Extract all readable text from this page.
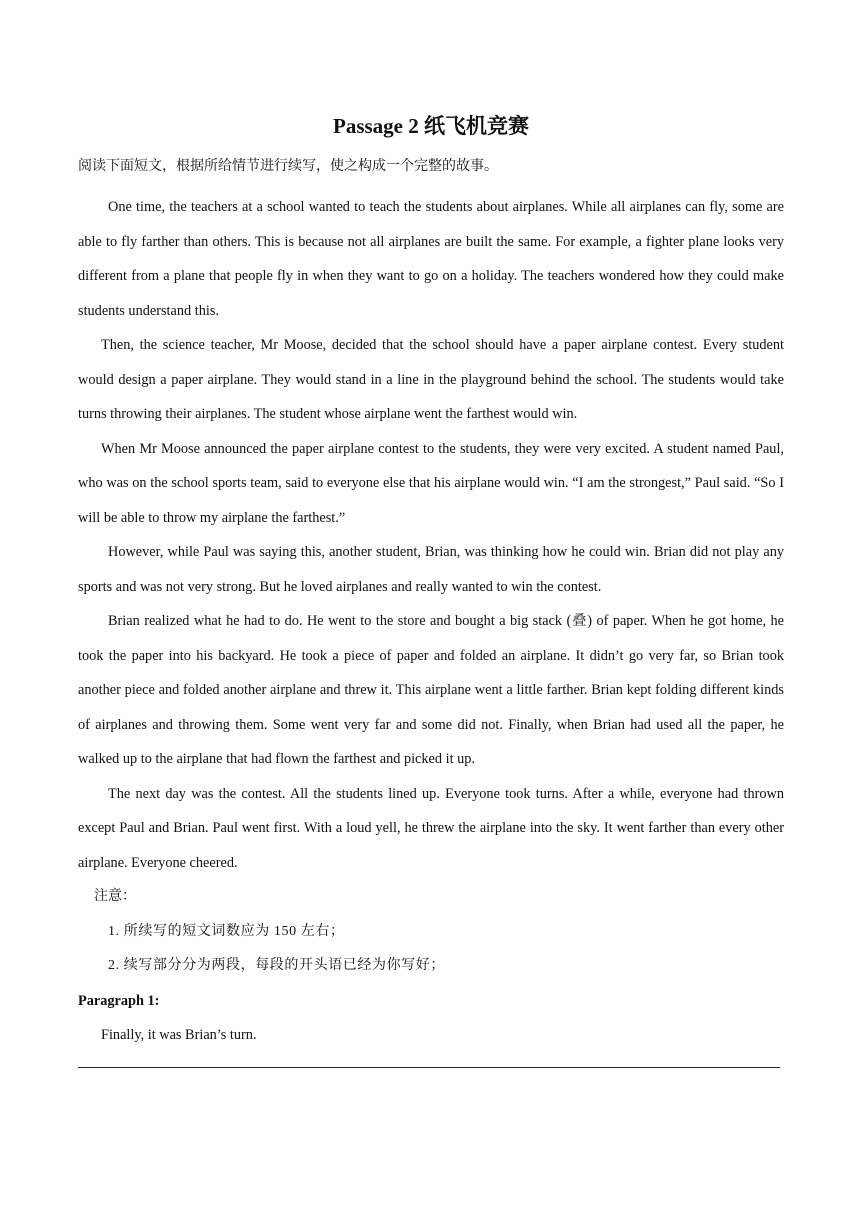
Passage 2 纸飞机竞赛

阅读下面短文，根据所给情节进行续写，使之构成一个完整的故事。

One time, the teachers at a school wanted to teach the students about airplanes. While all airplanes can fly, some are able to fly farther than others. This is because not all airplanes are built the same. For example, a fighter plane looks very different from a plane that people fly in when they want to go on a holiday. The teachers wondered how they could make students understand this.

Then, the science teacher, Mr Moose, decided that the school should have a paper airplane contest. Every student would design a paper airplane. They would stand in a line in the playground behind the school. The students would take turns throwing their airplanes. The student whose airplane went the farthest would win.

When Mr Moose announced the paper airplane contest to the students, they were very excited. A student named Paul, who was on the school sports team, said to everyone else that his airplane would win. “I am the strongest,” Paul said. “So I will be able to throw my airplane the farthest.”

However, while Paul was saying this, another student, Brian, was thinking how he could win. Brian did not play any sports and was not very strong. But he loved airplanes and really wanted to win the contest.

Brian realized what he had to do. He went to the store and bought a big stack (叠) of paper. When he got home, he took the paper into his backyard. He took a piece of paper and folded an airplane. It didn’t go very far, so Brian took another piece and folded another airplane and threw it. This airplane went a little farther. Brian kept folding different kinds of airplanes and throwing them. Some went very far and some did not. Finally, when Brian had used all the paper, he walked up to the airplane that had flown the farthest and picked it up.

The next day was the contest. All the students lined up. Everyone took turns. After a while, everyone had thrown except Paul and Brian. Paul went first. With a loud yell, he threw the airplane into the sky. It went farther than every other airplane. Everyone cheered.

注意：

1. 所续写的短文词数应为 150 左右；

2. 续写部分分为两段，每段的开头语已经为你写好；

Paragraph 1:

Finally, it was Brian’s turn.
